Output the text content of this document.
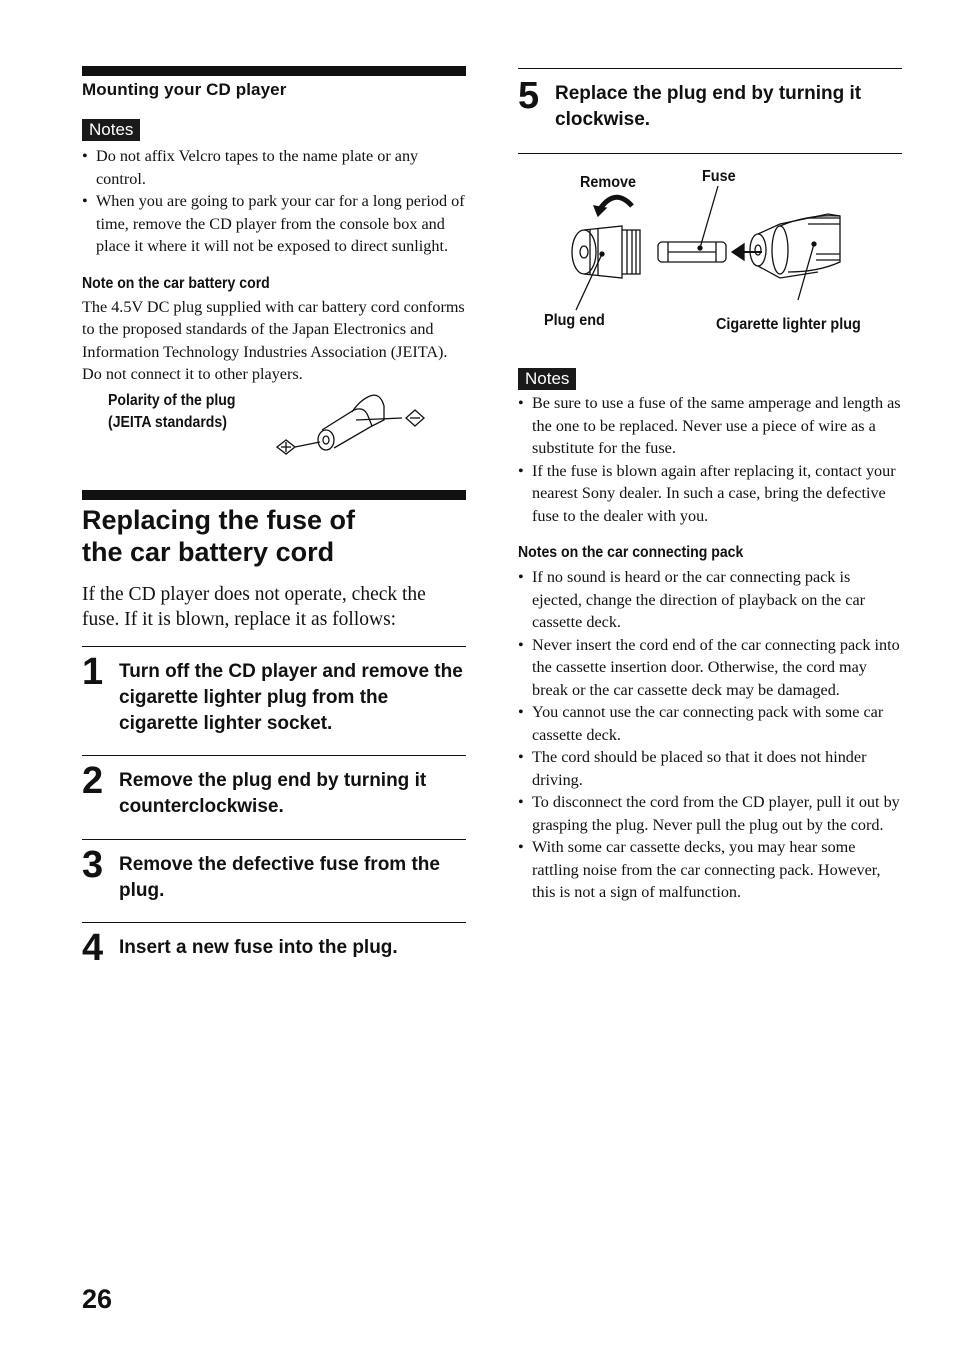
Mounting your CD player
Notes
• Do not affix Velcro tapes to the name plate or any control.
• When you are going to park your car for a long period of time, remove the CD player from the console box and place it where it will not be exposed to direct sunlight.
Note on the car battery cord
The 4.5V DC plug supplied with car battery cord conforms to the proposed standards of the Japan Electronics and Information Technology Industries Association (JEITA). Do not connect it to other players.
Polarity of the plug
(JEITA standards)
Replacing the fuse of
the car battery cord
If the CD player does not operate, check the fuse. If it is blown, replace it as follows:
1 Turn off the CD player and remove the cigarette lighter plug from the cigarette lighter socket.
2 Remove the plug end by turning it counterclockwise.
3 Remove the defective fuse from the plug.
4 Insert a new fuse into the plug.
5 Replace the plug end by turning it clockwise.
Remove	Fuse
Plug end	Cigarette lighter plug
Notes
• Be sure to use a fuse of the same amperage and length as the one to be replaced. Never use a piece of wire as a substitute for the fuse.
• If the fuse is blown again after replacing it, contact your nearest Sony dealer. In such a case, bring the defective fuse to the dealer with you.
Notes on the car connecting pack
• If no sound is heard or the car connecting pack is ejected, change the direction of playback on the car cassette deck.
• Never insert the cord end of the car connecting pack into the cassette insertion door. Otherwise, the cord may break or the car cassette deck may be damaged.
• You cannot use the car connecting pack with some car cassette deck.
• The cord should be placed so that it does not hinder driving.
• To disconnect the cord from the CD player, pull it out by grasping the plug. Never pull the plug out by the cord.
• With some car cassette decks, you may hear some rattling noise from the car connecting pack. However, this is not a sign of malfunction.
26
